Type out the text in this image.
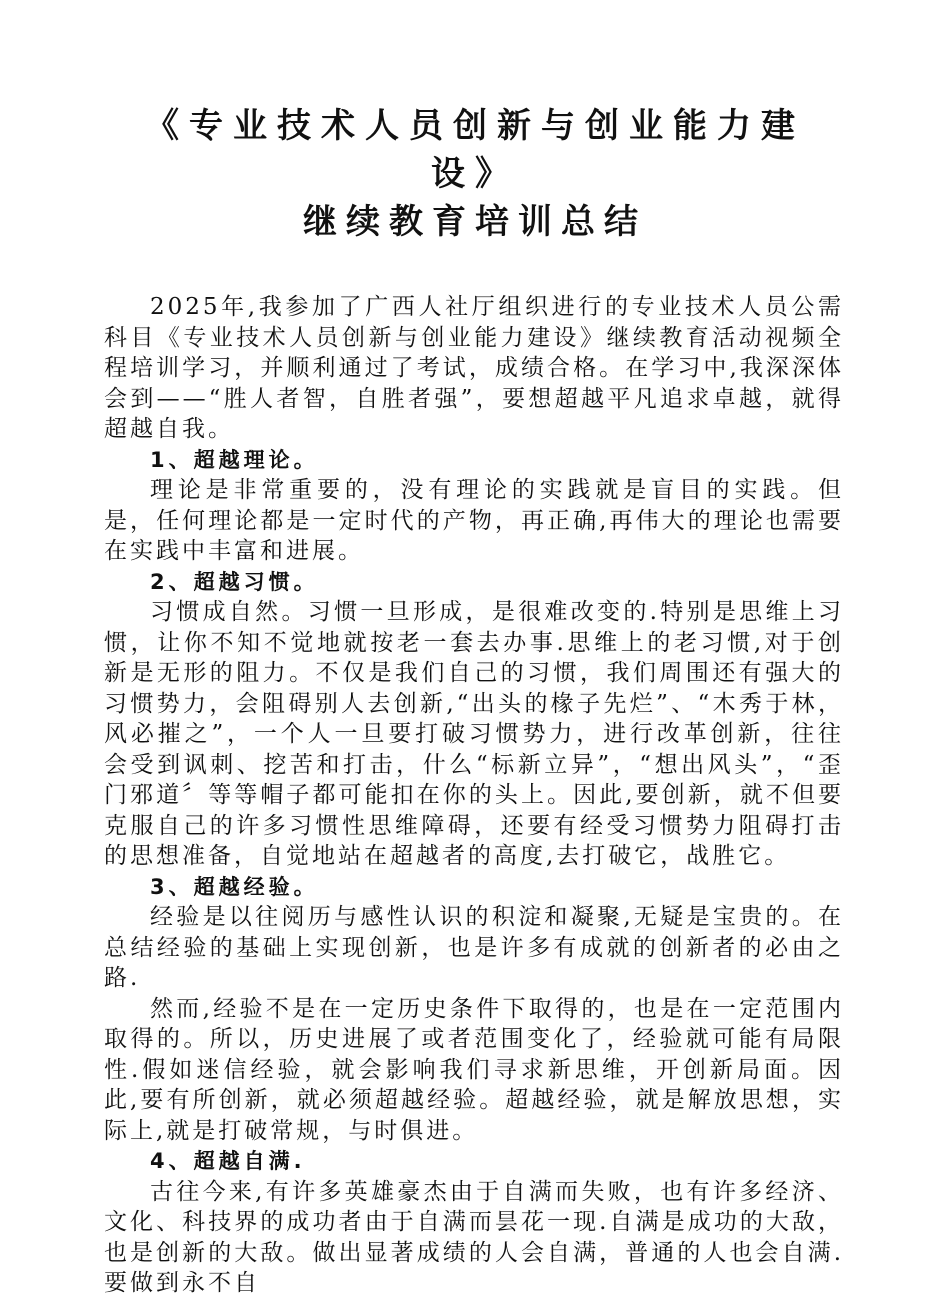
《专业技术人员创新与创业能力建
设》
继续教育培训总结

2025年,我参加了广西人社厅组织进行的专业技术人员公需科目《专业技术人员创新与创业能力建设》继续教育活动视频全程培训学习，并顺利通过了考试，成绩合格。在学习中,我深深体会到——“胜人者智，自胜者强”，要想超越平凡追求卓越，就得超越自我。

1、超越理论。

理论是非常重要的，没有理论的实践就是盲目的实践。但是，任何理论都是一定时代的产物，再正确,再伟大的理论也需要在实践中丰富和进展。

2、超越习惯。

习惯成自然。习惯一旦形成，是很难改变的.特别是思维上习惯，让你不知不觉地就按老一套去办事.思维上的老习惯,对于创新是无形的阻力。不仅是我们自己的习惯，我们周围还有强大的习惯势力，会阻碍别人去创新,“出头的椽子先烂”、“木秀于林，风必摧之”，一个人一旦要打破习惯势力，进行改革创新，往往会受到讽刺、挖苦和打击，什么“标新立异”，“想出风头”，“歪门邪道〞等等帽子都可能扣在你的头上。因此,要创新，就不但要克服自己的许多习惯性思维障碍，还要有经受习惯势力阻碍打击的思想准备，自觉地站在超越者的高度,去打破它，战胜它。

3、超越经验。

经验是以往阅历与感性认识的积淀和凝聚,无疑是宝贵的。在总结经验的基础上实现创新，也是许多有成就的创新者的必由之路.

然而,经验不是在一定历史条件下取得的，也是在一定范围内取得的。所以，历史进展了或者范围变化了，经验就可能有局限性.假如迷信经验，就会影响我们寻求新思维，开创新局面。因此,要有所创新，就必须超越经验。超越经验，就是解放思想，实际上,就是打破常规，与时俱进。

4、超越自满.

古往今来,有许多英雄豪杰由于自满而失败，也有许多经济、文化、科技界的成功者由于自满而昙花一现.自满是成功的大敌，也是创新的大敌。做出显著成绩的人会自满，普通的人也会自满.要做到永不自
